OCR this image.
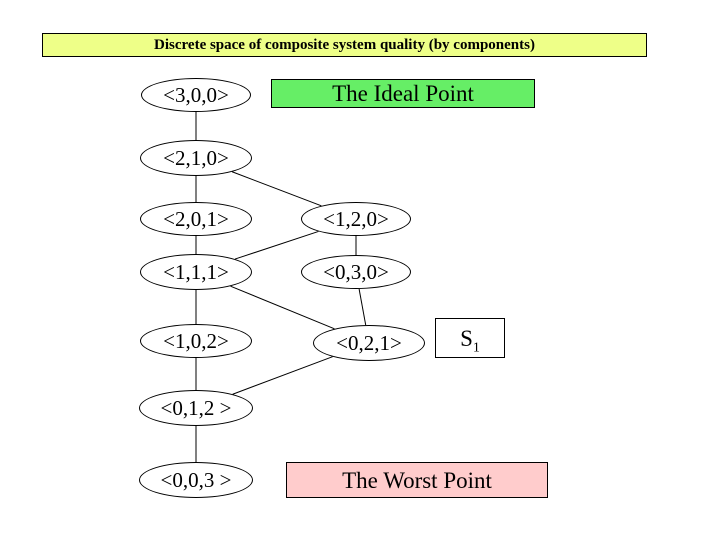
Discrete space of composite system quality (by components)
The Ideal Point
The Worst Point
$S_1$
<3,0,0>
<2,1,0>
<2,0,1>	<1,2,0>
<1,1,1>	<0,3,0>
<1,0,2>	<0,2,1>
<0,1,2 >
<0,0,3 >
